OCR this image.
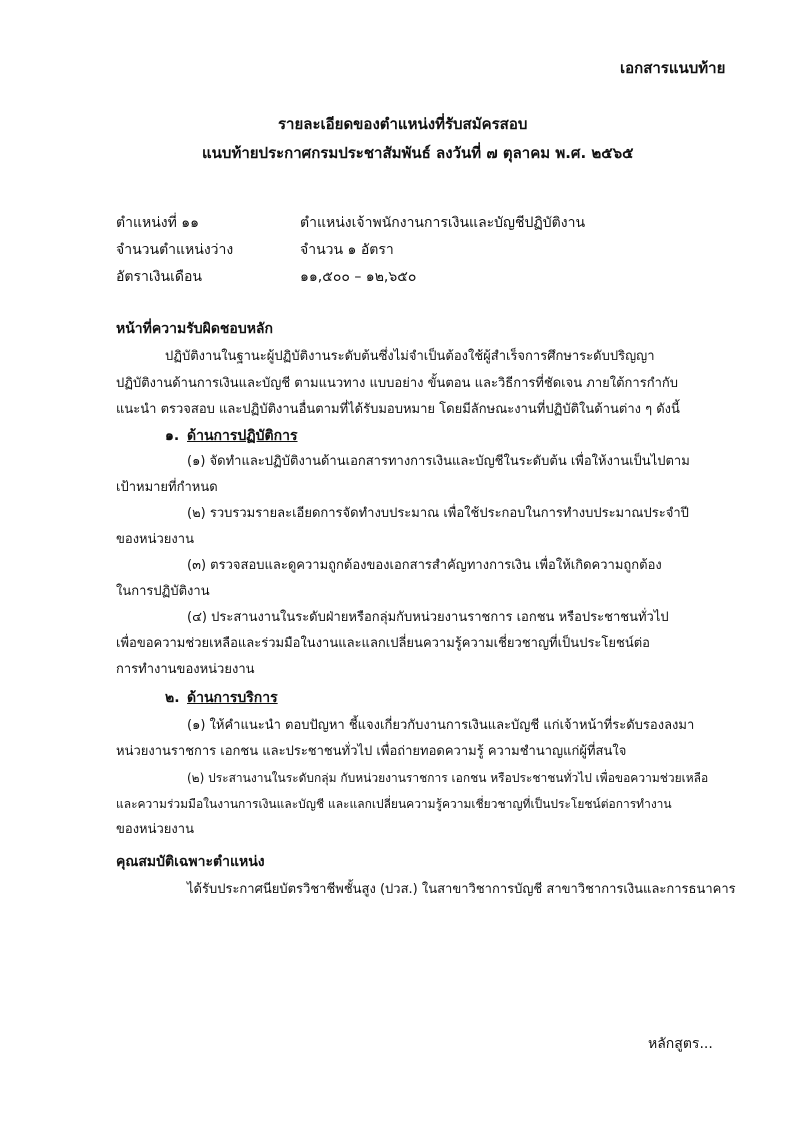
เอกสารแนบท้าย
รายละเอียดของตำแหน่งที่รับสมัครสอบ
แนบท้ายประกาศกรมประชาสัมพันธ์ ลงวันที่ ๗ ตุลาคม พ.ศ. ๒๕๖๕
ตำแหน่งที่ ๑๑	ตำแหน่งเจ้าพนักงานการเงินและบัญชีปฏิบัติงาน
จำนวนตำแหน่งว่าง	จำนวน ๑ อัตรา
อัตราเงินเดือน	๑๑,๕๐๐ – ๑๒,๖๕๐
หน้าที่ความรับผิดชอบหลัก
ปฏิบัติงานในฐานะผู้ปฏิบัติงานระดับต้นซึ่งไม่จำเป็นต้องใช้ผู้สำเร็จการศึกษาระดับปริญญา
ปฏิบัติงานด้านการเงินและบัญชี ตามแนวทาง แบบอย่าง ขั้นตอน และวิธีการที่ชัดเจน ภายใต้การกำกับ
แนะนำ ตรวจสอบ และปฏิบัติงานอื่นตามที่ได้รับมอบหมาย โดยมีลักษณะงานที่ปฏิบัติในด้านต่าง ๆ ดังนี้
๑. ด้านการปฏิบัติการ
(๑) จัดทำและปฏิบัติงานด้านเอกสารทางการเงินและบัญชีในระดับต้น เพื่อให้งานเป็นไปตาม
เป้าหมายที่กำหนด
(๒) รวบรวมรายละเอียดการจัดทำงบประมาณ เพื่อใช้ประกอบในการทำงบประมาณประจำปี
ของหน่วยงาน
(๓) ตรวจสอบและดูความถูกต้องของเอกสารสำคัญทางการเงิน เพื่อให้เกิดความถูกต้อง
ในการปฏิบัติงาน
(๔) ประสานงานในระดับฝ่ายหรือกลุ่มกับหน่วยงานราชการ เอกชน หรือประชาชนทั่วไป
เพื่อขอความช่วยเหลือและร่วมมือในงานและแลกเปลี่ยนความรู้ความเชี่ยวชาญที่เป็นประโยชน์ต่อ
การทำงานของหน่วยงาน
๒. ด้านการบริการ
(๑) ให้คำแนะนำ ตอบปัญหา ชี้แจงเกี่ยวกับงานการเงินและบัญชี แก่เจ้าหน้าที่ระดับรองลงมา
หน่วยงานราชการ เอกชน และประชาชนทั่วไป เพื่อถ่ายทอดความรู้ ความชำนาญแก่ผู้ที่สนใจ
(๒) ประสานงานในระดับกลุ่ม กับหน่วยงานราชการ เอกชน หรือประชาชนทั่วไป เพื่อขอความช่วยเหลือ
และความร่วมมือในงานการเงินและบัญชี และแลกเปลี่ยนความรู้ความเชี่ยวชาญที่เป็นประโยชน์ต่อการทำงาน
ของหน่วยงาน
คุณสมบัติเฉพาะตำแหน่ง
ได้รับประกาศนียบัตรวิชาชีพชั้นสูง (ปวส.) ในสาขาวิชาการบัญชี สาขาวิชาการเงินและการธนาคาร
หลักสูตร...
